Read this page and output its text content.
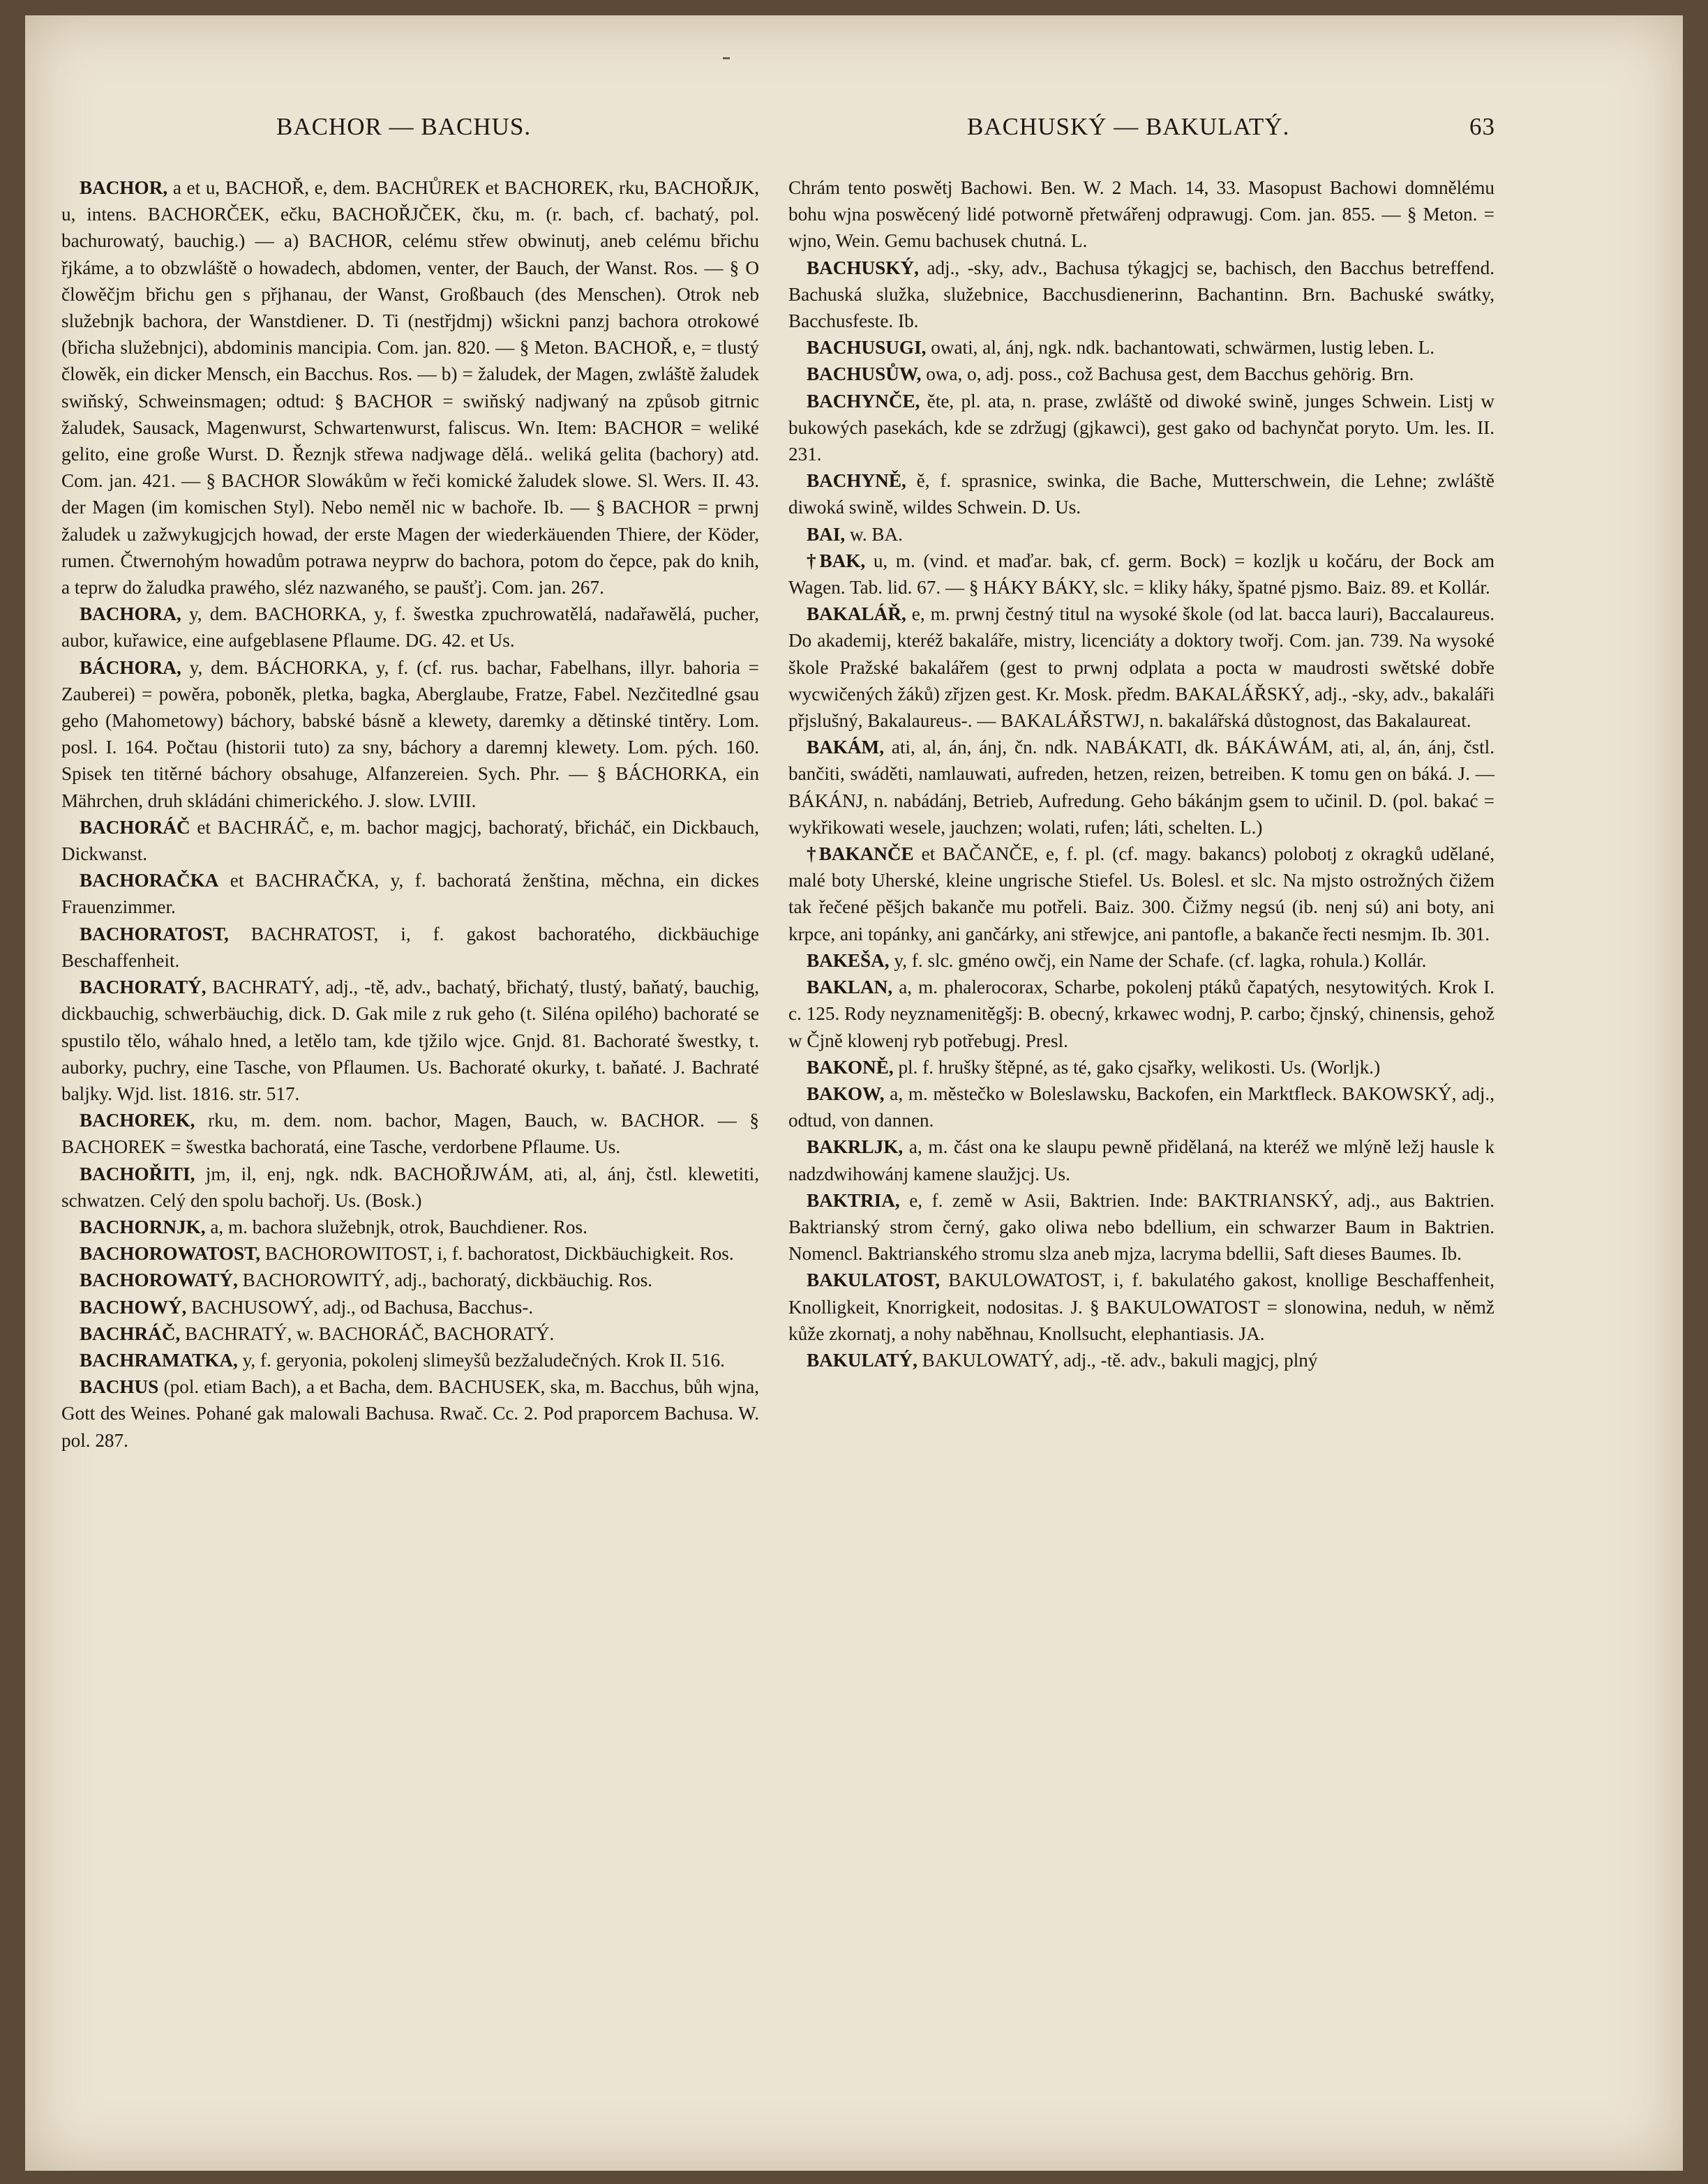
BACHOR — BACHUS.	BACHUSKÝ — BAKULATÝ.	63

BACHOR, a et u, BACHOŘ, e, dem. BACHŮREK et BACHOREK, rku, BACHOŘJK, u, intens. BACHORČEK, ečku, BACHOŘJČEK, čku, m. (r. bach, cf. bachatý, pol. bachurowatý, bauchig.) — a) BACHOR, celému střew obwinutj, aneb celému břichu řjkáme, a to obzwláště o howadech, abdomen, venter, der Bauch, der Wanst. Ros. — § O člowěčjm břichu gen s přjhanau, der Wanst, Großbauch (des Menschen). Otrok neb služebnjk bachora, der Wanstdiener. D. Ti (nestřjdmj) wšickni panzj bachora otrokowé (břicha služebnjci), abdominis mancipia. Com. jan. 820. — § Meton. BACHOŘ, e, = tlustý člowěk, ein dicker Mensch, ein Bacchus. Ros. — b) = žaludek, der Magen, zwláště žaludek swiňský, Schweinsmagen; odtud: § BACHOR = swiňský nadjwaný na způsob gitrnic žaludek, Sausack, Magenwurst, Schwartenwurst, faliscus. Wn. Item: BACHOR = weliké gelito, eine große Wurst. D. Řeznjk střewa nadjwage dělá.. weliká gelita (bachory) atd. Com. jan. 421. — § BACHOR Slowákům w řeči komické žaludek slowe. Sl. Wers. II. 43. der Magen (im komischen Styl). Nebo neměl nic w bachoře. Ib. — § BACHOR = prwnj žaludek u zažwykugjcjch howad, der erste Magen der wiederkäuenden Thiere, der Köder, rumen. Čtwernohým howadům potrawa neyprw do bachora, potom do čepce, pak do knih, a teprw do žaludka prawého, sléz nazwaného, se paušťj. Com. jan. 267.

BACHORA, y, dem. BACHORKA, y, f. šwestka zpuchrowatělá, nadařawělá, pucher, aubor, kuřawice, eine aufgeblasene Pflaume. DG. 42. et Us.

BÁCHORA, y, dem. BÁCHORKA, y, f. (cf. rus. bachar, Fabelhans, illyr. bahoria = Zauberei) = powěra, poboněk, pletka, bagka, Aberglaube, Fratze, Fabel. Nezčitedlné gsau geho (Mahometowy) báchory, babské básně a klewety, daremky a dětinské tintěry. Lom. posl. I. 164. Počtau (historii tuto) za sny, báchory a daremnj klewety. Lom. pých. 160. Spisek ten titěrné báchory obsahuge, Alfanzereien. Sych. Phr. — § BÁCHORKA, ein Mährchen, druh skládáni chimerického. J. slow. LVIII.

BACHORÁČ et BACHRÁČ, e, m. bachor magjcj, bachoratý, břicháč, ein Dickbauch, Dickwanst.

BACHORAČKA et BACHRAČKA, y, f. bachoratá ženština, měchna, ein dickes Frauenzimmer.

BACHORATOST, BACHRATOST, i, f. gakost bachoratého, dickbäuchige Beschaffenheit.

BACHORATÝ, BACHRATÝ, adj., -tě, adv., bachatý, břichatý, tlustý, baňatý, bauchig, dickbauchig, schwerbäuchig, dick. D. Gak mile z ruk geho (t. Siléna opilého) bachoraté se spustilo tělo, wáhalo hned, a letělo tam, kde tjžilo wjce. Gnjd. 81. Bachoraté šwestky, t. auborky, puchry, eine Tasche, von Pflaumen. Us. Bachoraté okurky, t. baňaté. J. Bachraté baljky. Wjd. list. 1816. str. 517.

BACHOREK, rku, m. dem. nom. bachor, Magen, Bauch, w. BACHOR. — § BACHOREK = šwestka bachoratá, eine Tasche, verdorbene Pflaume. Us.

BACHOŘITI, jm, il, enj, ngk. ndk. BACHOŘJWÁM, ati, al, ánj, čstl. klewetiti, schwatzen. Celý den spolu bachořj. Us. (Bosk.)

BACHORNJK, a, m. bachora služebnjk, otrok, Bauchdiener. Ros.

BACHOROWATOST, BACHOROWITOST, i, f. bachoratost, Dickbäuchigkeit. Ros.

BACHOROWATÝ, BACHOROWITÝ, adj., bachoratý, dickbäuchig. Ros.

BACHOWÝ, BACHUSOWÝ, adj., od Bachusa, Bacchus-.

BACHRÁČ, BACHRATÝ, w. BACHORÁČ, BACHORATÝ.

BACHRAMATKA, y, f. geryonia, pokolenj slimeyšů bezžaludečných. Krok II. 516.

BACHUS (pol. etiam Bach), a et Bacha, dem. BACHUSEK, ska, m. Bacchus, bůh wjna, Gott des Weines. Pohané gak malowali Bachusa. Rwač. Cc. 2. Pod praporcem Bachusa. W. pol. 287.

Chrám tento poswětj Bachowi. Ben. W. 2 Mach. 14, 33. Masopust Bachowi domnělému bohu wjna poswěcený lidé potworně přetwářenj odprawugj. Com. jan. 855. — § Meton. = wjno, Wein. Gemu bachusek chutná. L.

BACHUSKÝ, adj., -sky, adv., Bachusa týkagjcj se, bachisch, den Bacchus betreffend. Bachuská služka, služebnice, Bacchusdienerinn, Bachantinn. Brn. Bachuské swátky, Bacchusfeste. Ib.

BACHUSUGI, owati, al, ánj, ngk. ndk. bachantowati, schwärmen, lustig leben. L.

BACHUSŮW, owa, o, adj. poss., což Bachusa gest, dem Bacchus gehörig. Brn.

BACHYNČE, ěte, pl. ata, n. prase, zwláště od diwoké swině, junges Schwein. Listj w bukowých pasekách, kde se zdržugj (gjkawci), gest gako od bachynčat poryto. Um. les. II. 231.

BACHYNĚ, ě, f. sprasnice, swinka, die Bache, Mutterschwein, die Lehne; zwláště diwoká swině, wildes Schwein. D. Us.

BAI, w. BA.

†BAK, u, m. (vind. et maďar. bak, cf. germ. Bock) = kozljk u kočáru, der Bock am Wagen. Tab. lid. 67. — § HÁKY BÁKY, slc. = kliky háky, špatné pjsmo. Baiz. 89. et Kollár.

BAKALÁŘ, e, m. prwnj čestný titul na wysoké škole (od lat. bacca lauri), Baccalaureus. Do akademij, kteréž bakaláře, mistry, licenciáty a doktory twořj. Com. jan. 739. Na wysoké škole Pražské bakalářem (gest to prwnj odplata a pocta w maudrosti swětské dobře wycwičených žáků) zřjzen gest. Kr. Mosk. předm. BAKALÁŘSKÝ, adj., -sky, adv., bakaláři přjslušný, Bakalaureus-. — BAKALÁŘSTWJ, n. bakalářská důstognost, das Bakalaureat.

BAKÁM, ati, al, án, ánj, čn. ndk. NABÁKATI, dk. BÁKÁWÁM, ati, al, án, ánj, čstl. bančiti, swáděti, namlauwati, aufreden, hetzen, reizen, betreiben. K tomu gen on báká. J. — BÁKÁNJ, n. nabádánj, Betrieb, Aufredung. Geho bákánjm gsem to učinil. D. (pol. bakać = wykřikowati wesele, jauchzen; wolati, rufen; láti, schelten. L.)

†BAKANČE et BAČANČE, e, f. pl. (cf. magy. bakancs) polobotj z okragků udělané, malé boty Uherské, kleine ungrische Stiefel. Us. Bolesl. et slc. Na mjsto ostrožných čižem tak řečené pěšjch bakanče mu potřeli. Baiz. 300. Čižmy negsú (ib. nenj sú) ani boty, ani krpce, ani topánky, ani gančárky, ani střewjce, ani pantofle, a bakanče řecti nesmjm. Ib. 301.

BAKEŠA, y, f. slc. gméno owčj, ein Name der Schafe. (cf. lagka, rohula.) Kollár.

BAKLAN, a, m. phalerocorax, Scharbe, pokolenj ptáků čapatých, nesytowitých. Krok I. c. 125. Rody neyznamenitěgšj: B. obecný, krkawec wodnj, P. carbo; čjnský, chinensis, gehož w Čjně klowenj ryb potřebugj. Presl.

BAKONĚ, pl. f. hrušky štěpné, as té, gako cjsařky, welikosti. Us. (Worljk.)

BAKOW, a, m. městečko w Boleslawsku, Backofen, ein Marktfleck. BAKOWSKÝ, adj., odtud, von dannen.

BAKRLJK, a, m. část ona ke slaupu pewně přidělaná, na kteréž we mlýně ležj hausle k nadzdwihowánj kamene slaužjcj. Us.

BAKTRIA, e, f. země w Asii, Baktrien. Inde: BAKTRIANSKÝ, adj., aus Baktrien. Baktrianský strom černý, gako oliwa nebo bdellium, ein schwarzer Baum in Baktrien. Nomencl. Baktrianského stromu slza aneb mjza, lacryma bdellii, Saft dieses Baumes. Ib.

BAKULATOST, BAKULOWATOST, i, f. bakulatého gakost, knollige Beschaffenheit, Knolligkeit, Knorrigkeit, nodositas. J. § BAKULOWATOST = slonowina, neduh, w němž kůže zkornatj, a nohy naběhnau, Knollsucht, elephantiasis. JA.

BAKULATÝ, BAKULOWATÝ, adj., -tě. adv., bakuli magjcj, plný
